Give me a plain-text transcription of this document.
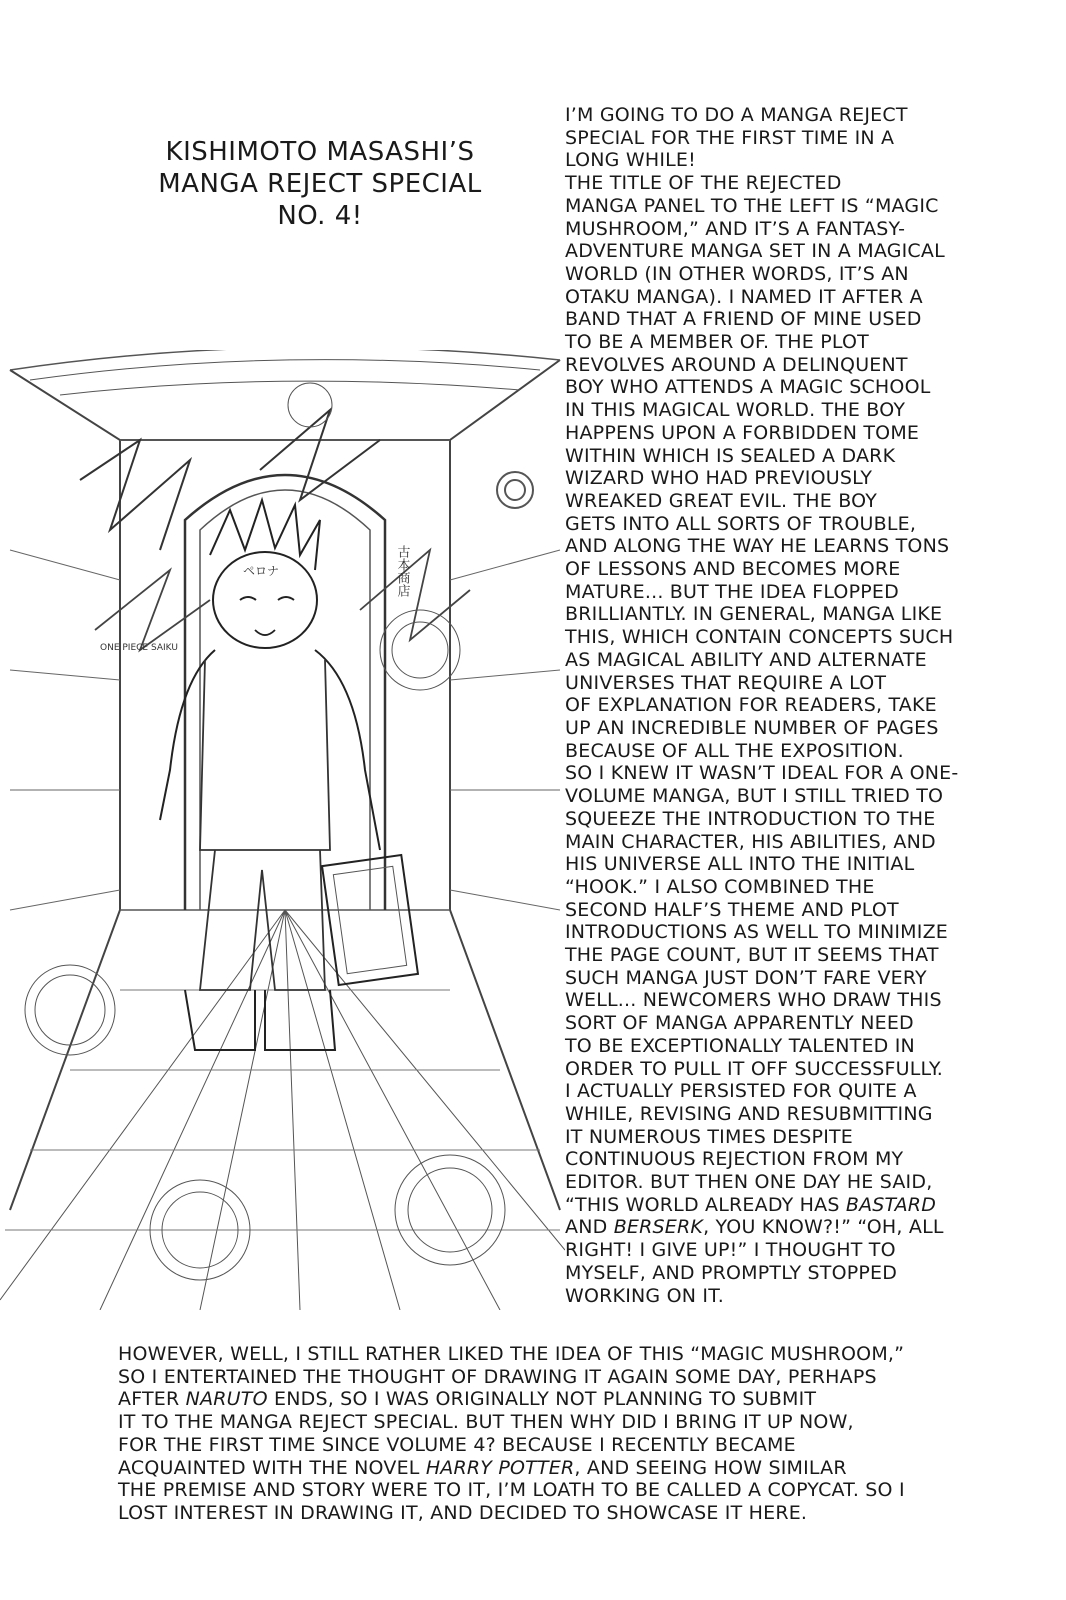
KISHIMOTO MASASHI’S
MANGA REJECT SPECIAL
NO. 4!
ONE PIECE SAIKU
ペロナ	古本商店
I’M GOING TO DO A MANGA REJECT
SPECIAL FOR THE FIRST TIME IN A
LONG WHILE!
THE TITLE OF THE REJECTED
MANGA PANEL TO THE LEFT IS “MAGIC
MUSHROOM,” AND IT’S A FANTASY-
ADVENTURE MANGA SET IN A MAGICAL
WORLD (IN OTHER WORDS, IT’S AN
OTAKU MANGA). I NAMED IT AFTER A
BAND THAT A FRIEND OF MINE USED
TO BE A MEMBER OF. THE PLOT
REVOLVES AROUND A DELINQUENT
BOY WHO ATTENDS A MAGIC SCHOOL
IN THIS MAGICAL WORLD. THE BOY
HAPPENS UPON A FORBIDDEN TOME
WITHIN WHICH IS SEALED A DARK
WIZARD WHO HAD PREVIOUSLY
WREAKED GREAT EVIL. THE BOY
GETS INTO ALL SORTS OF TROUBLE,
AND ALONG THE WAY HE LEARNS TONS
OF LESSONS AND BECOMES MORE
MATURE... BUT THE IDEA FLOPPED
BRILLIANTLY. IN GENERAL, MANGA LIKE
THIS, WHICH CONTAIN CONCEPTS SUCH
AS MAGICAL ABILITY AND ALTERNATE
UNIVERSES THAT REQUIRE A LOT
OF EXPLANATION FOR READERS, TAKE
UP AN INCREDIBLE NUMBER OF PAGES
BECAUSE OF ALL THE EXPOSITION.
SO I KNEW IT WASN’T IDEAL FOR A ONE-
VOLUME MANGA, BUT I STILL TRIED TO
SQUEEZE THE INTRODUCTION TO THE
MAIN CHARACTER, HIS ABILITIES, AND
HIS UNIVERSE ALL INTO THE INITIAL
“HOOK.” I ALSO COMBINED THE
SECOND HALF’S THEME AND PLOT
INTRODUCTIONS AS WELL TO MINIMIZE
THE PAGE COUNT, BUT IT SEEMS THAT
SUCH MANGA JUST DON’T FARE VERY
WELL... NEWCOMERS WHO DRAW THIS
SORT OF MANGA APPARENTLY NEED
TO BE EXCEPTIONALLY TALENTED IN
ORDER TO PULL IT OFF SUCCESSFULLY.
I ACTUALLY PERSISTED FOR QUITE A
WHILE, REVISING AND RESUBMITTING
IT NUMEROUS TIMES DESPITE
CONTINUOUS REJECTION FROM MY
EDITOR. BUT THEN ONE DAY HE SAID,
“THIS WORLD ALREADY HAS BASTARD
AND BERSERK, YOU KNOW?!” “OH, ALL
RIGHT! I GIVE UP!” I THOUGHT TO
MYSELF, AND PROMPTLY STOPPED
WORKING ON IT.
HOWEVER, WELL, I STILL RATHER LIKED THE IDEA OF THIS “MAGIC MUSHROOM,”
SO I ENTERTAINED THE THOUGHT OF DRAWING IT AGAIN SOME DAY, PERHAPS
AFTER NARUTO ENDS, SO I WAS ORIGINALLY NOT PLANNING TO SUBMIT
IT TO THE MANGA REJECT SPECIAL. BUT THEN WHY DID I BRING IT UP NOW,
FOR THE FIRST TIME SINCE VOLUME 4? BECAUSE I RECENTLY BECAME
ACQUAINTED WITH THE NOVEL HARRY POTTER, AND SEEING HOW SIMILAR
THE PREMISE AND STORY WERE TO IT, I’M LOATH TO BE CALLED A COPYCAT. SO I
LOST INTEREST IN DRAWING IT, AND DECIDED TO SHOWCASE IT HERE.
